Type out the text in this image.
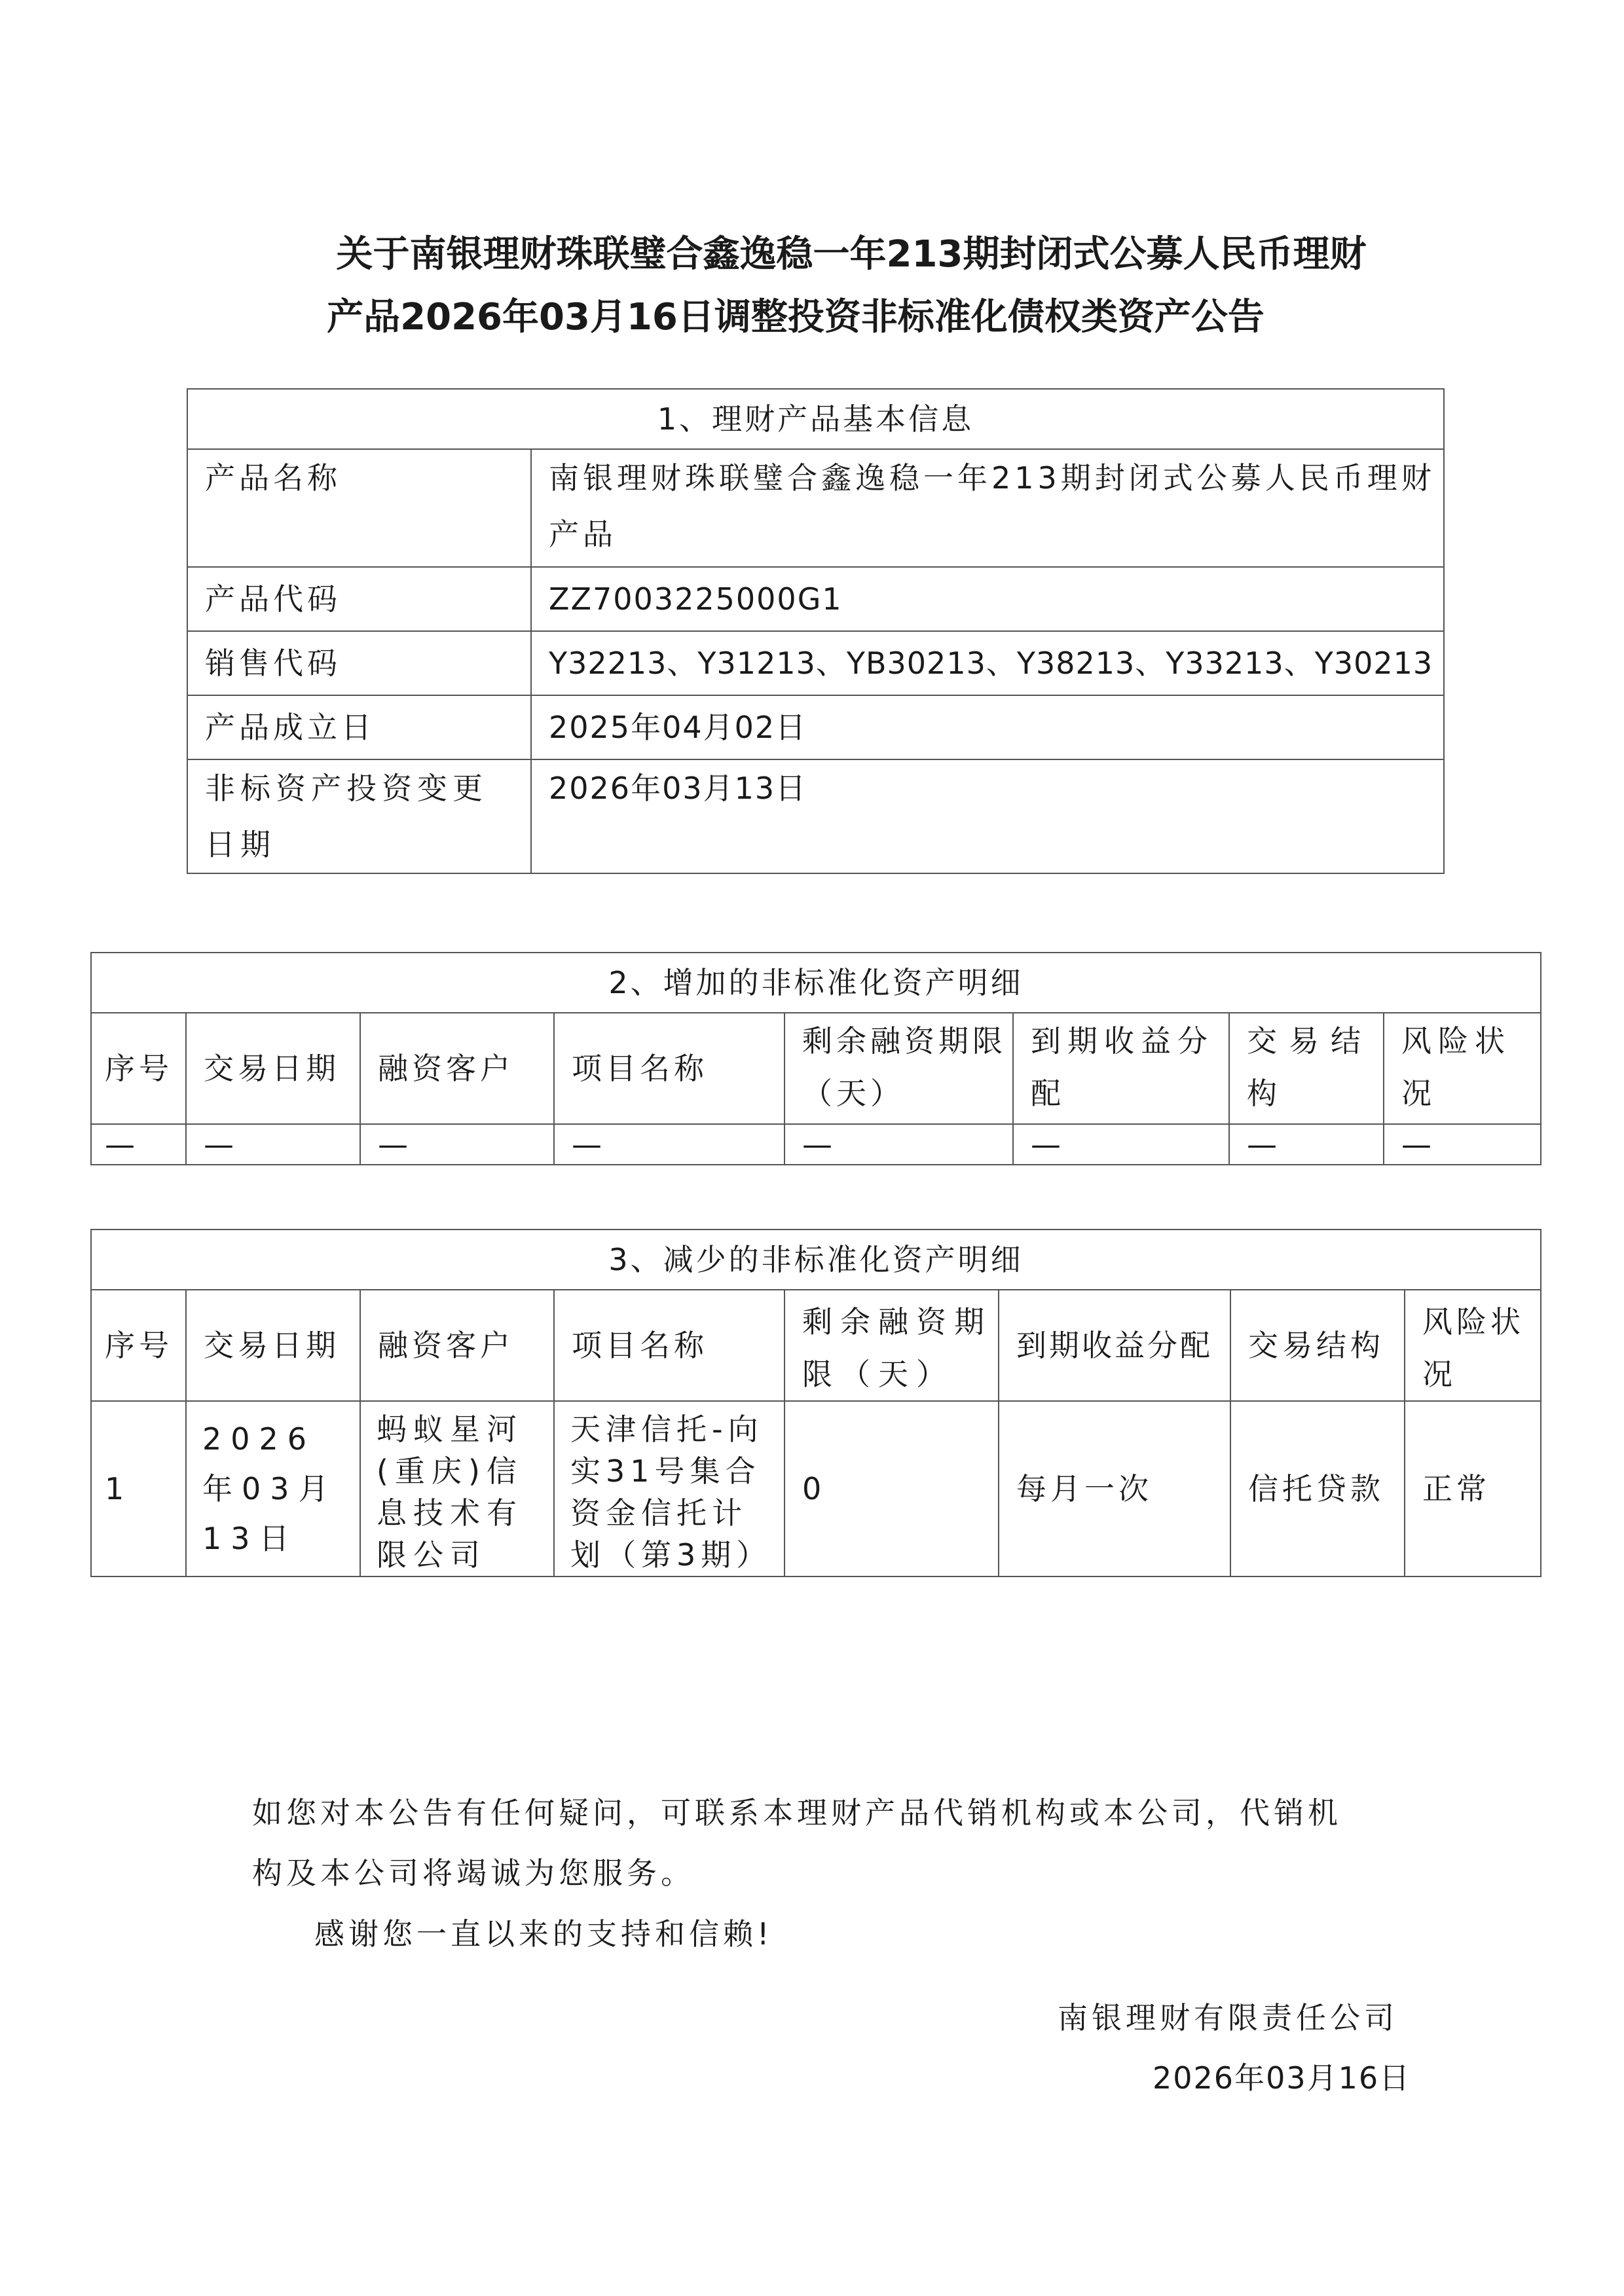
关于南银理财珠联璧合鑫逸稳一年213期封闭式公募人民币理财
产品2026年03月16日调整投资非标准化债权类资产公告
1、理财产品基本信息	
产品名称	南银理财珠联璧合鑫逸稳一年213期封闭式公募人民币理财产品
产品代码	ZZ7003225000G1
销售代码	Y32213、Y31213、YB30213、Y38213、Y33213、Y30213
产品成立日	2025年04月02日
非标资产投资变更日期	2026年03月13日
2、增加的非标准化资产明细							
序号	交易日期	融资客户	项目名称	剩余融资期限（天）	到期收益分配	交易结构	风险状况
—	—	—	—	—	—	—	—
3、减少的非标准化资产明细							
序号	交易日期	融资客户	项目名称	剩余融资期限（天）	到期收益分配	交易结构	风险状况
1	2026年03月13日	蚂蚁星河(重庆)信息技术有限公司	天津信托-向实31号集合资金信托计划（第3期）	0	每月一次	信托贷款	正常

如您对本公告有任何疑问，可联系本理财产品代销机构或本公司，代销机

构及本公司将竭诚为您服务。

感谢您一直以来的支持和信赖!

南银理财有限责任公司

2026年03月16日
